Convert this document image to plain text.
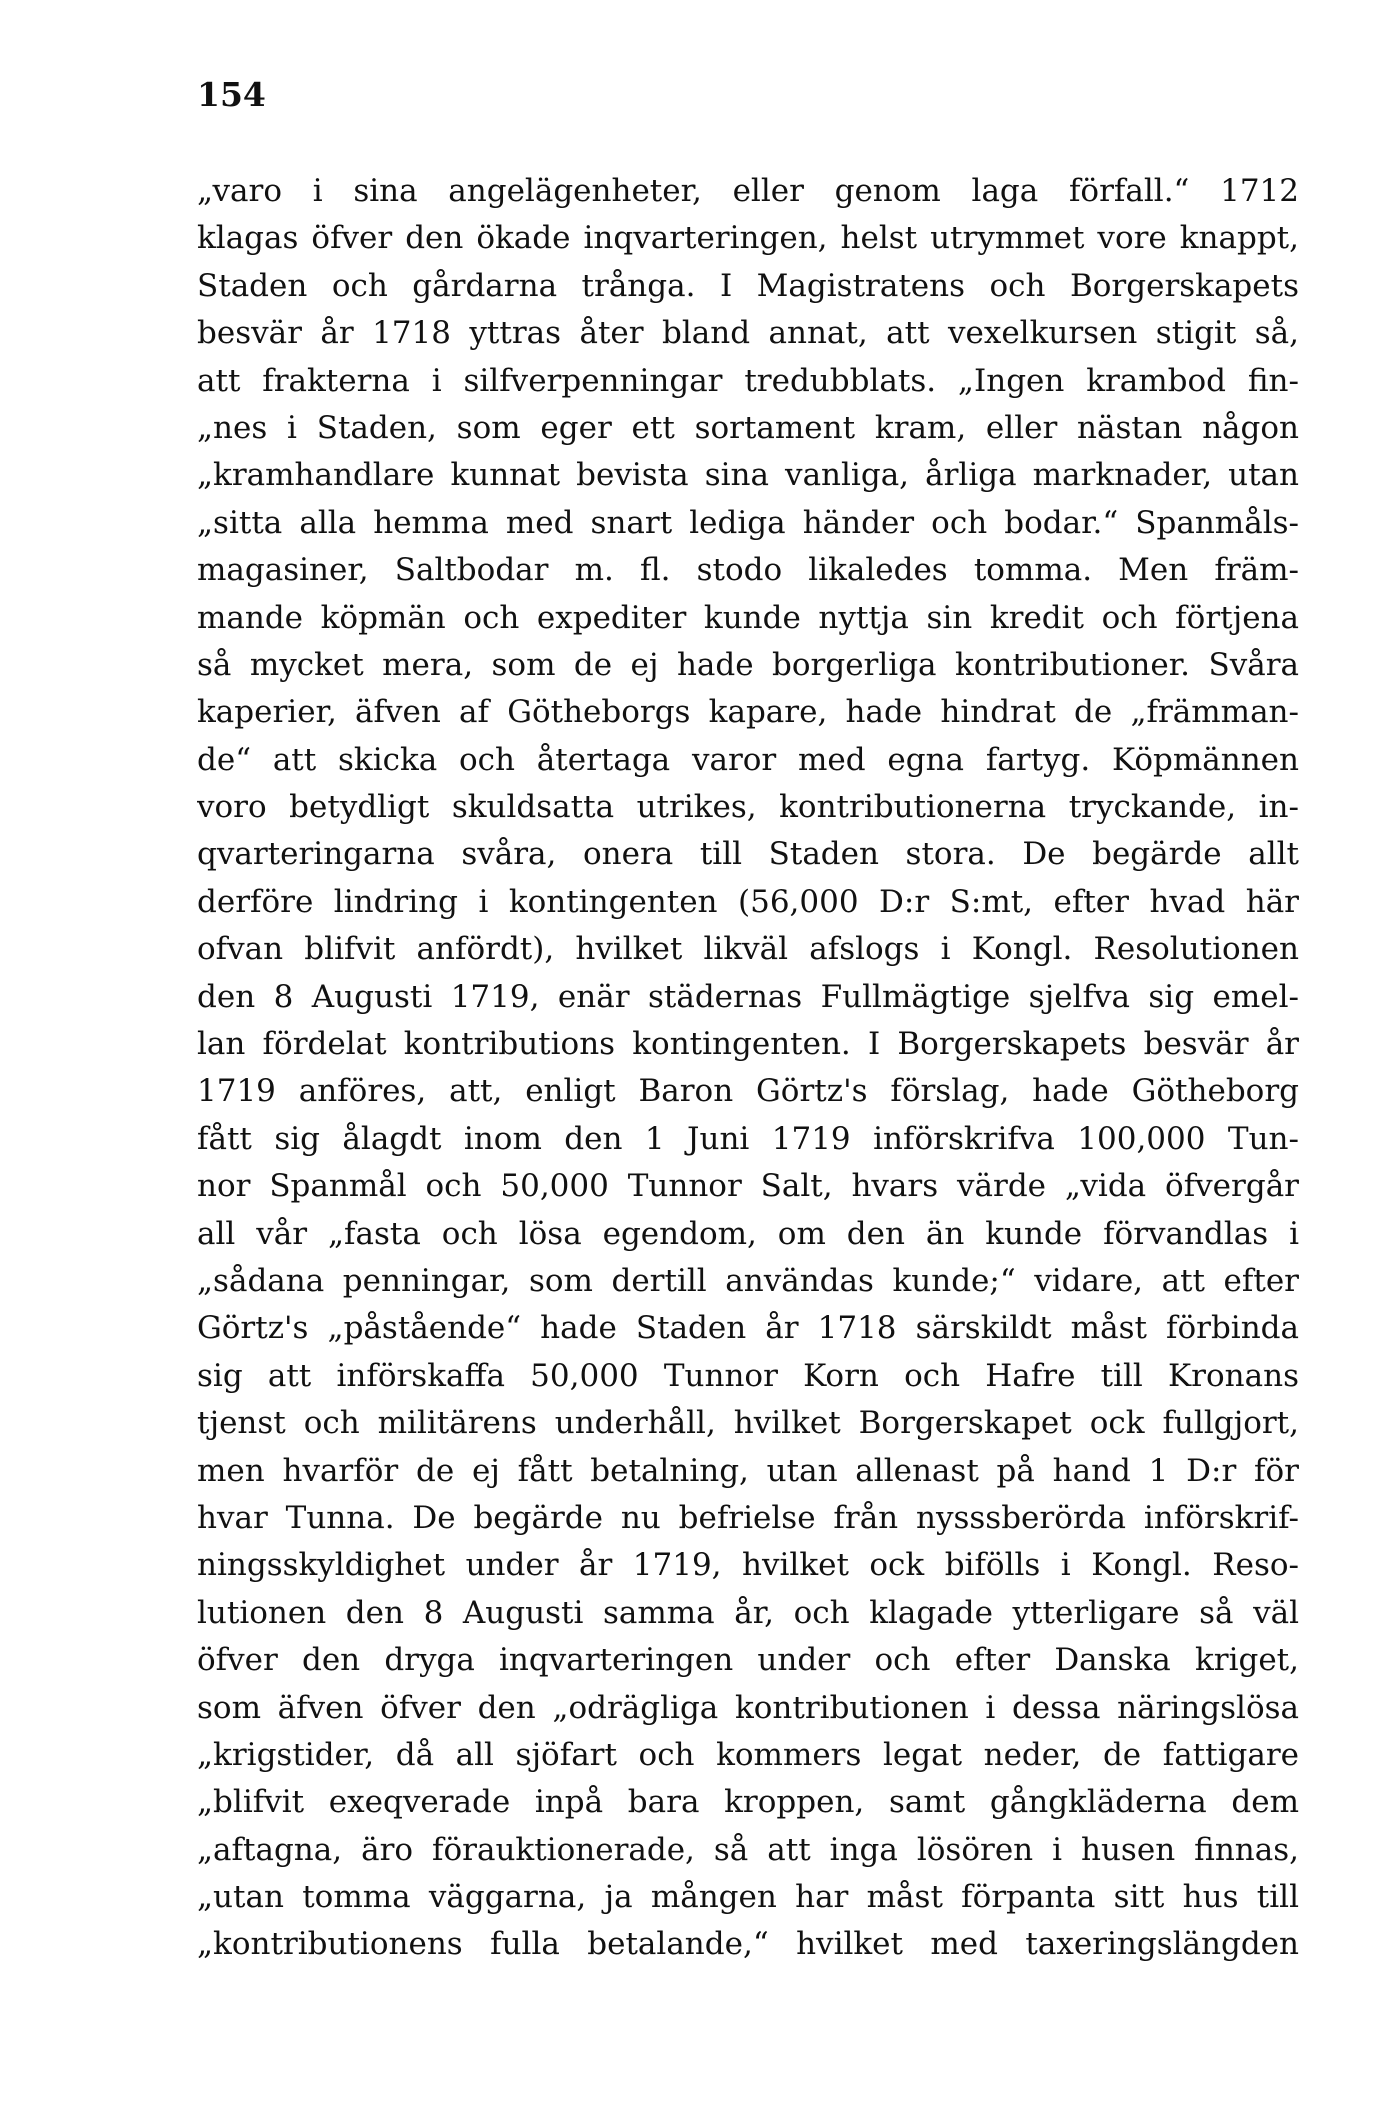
154
„varo i sina angelägenheter, eller genom laga förfall.“ 1712
klagas öfver den ökade inqvarteringen, helst utrymmet vore knappt,
Staden och gårdarna trånga. I Magistratens och Borgerskapets
besvär år 1718 yttras åter bland annat, att vexelkursen stigit så,
att frakterna i silfverpenningar tredubblats. „Ingen krambod fin-
„nes i Staden, som eger ett sortament kram, eller nästan någon
„kramhandlare kunnat bevista sina vanliga, årliga marknader, utan
„sitta alla hemma med snart lediga händer och bodar.“ Spanmåls-
magasiner, Saltbodar m. fl. stodo likaledes tomma. Men främ-
mande köpmän och expediter kunde nyttja sin kredit och förtjena
så mycket mera, som de ej hade borgerliga kontributioner. Svåra
kaperier, äfven af Götheborgs kapare, hade hindrat de „främman-
de“ att skicka och återtaga varor med egna fartyg. Köpmännen
voro betydligt skuldsatta utrikes, kontributionerna tryckande, in-
qvarteringarna svåra, onera till Staden stora. De begärde allt
derföre lindring i kontingenten (56,000 D:r S:mt, efter hvad här
ofvan blifvit anfördt), hvilket likväl afslogs i Kongl. Resolutionen
den 8 Augusti 1719, enär städernas Fullmägtige sjelfva sig emel-
lan fördelat kontributions kontingenten. I Borgerskapets besvär år
1719 anföres, att, enligt Baron Görtz's förslag, hade Götheborg
fått sig ålagdt inom den 1 Juni 1719 införskrifva 100,000 Tun-
nor Spanmål och 50,000 Tunnor Salt, hvars värde „vida öfvergår
all vår „fasta och lösa egendom, om den än kunde förvandlas i
„sådana penningar, som dertill användas kunde;“ vidare, att efter
Görtz's „påstående“ hade Staden år 1718 särskildt måst förbinda
sig att införskaffa 50,000 Tunnor Korn och Hafre till Kronans
tjenst och militärens underhåll, hvilket Borgerskapet ock fullgjort,
men hvarför de ej fått betalning, utan allenast på hand 1 D:r för
hvar Tunna. De begärde nu befrielse från nysssberörda införskrif-
ningsskyldighet under år 1719, hvilket ock bifölls i Kongl. Reso-
lutionen den 8 Augusti samma år, och klagade ytterligare så väl
öfver den dryga inqvarteringen under och efter Danska kriget,
som äfven öfver den „odrägliga kontributionen i dessa näringslösa
„krigstider, då all sjöfart och kommers legat neder, de fattigare
„blifvit exeqverade inpå bara kroppen, samt gångkläderna dem
„aftagna, äro förauktionerade, så att inga lösören i husen finnas,
„utan tomma väggarna, ja mången har måst förpanta sitt hus till
„kontributionens fulla betalande,“ hvilket med taxeringslängden
